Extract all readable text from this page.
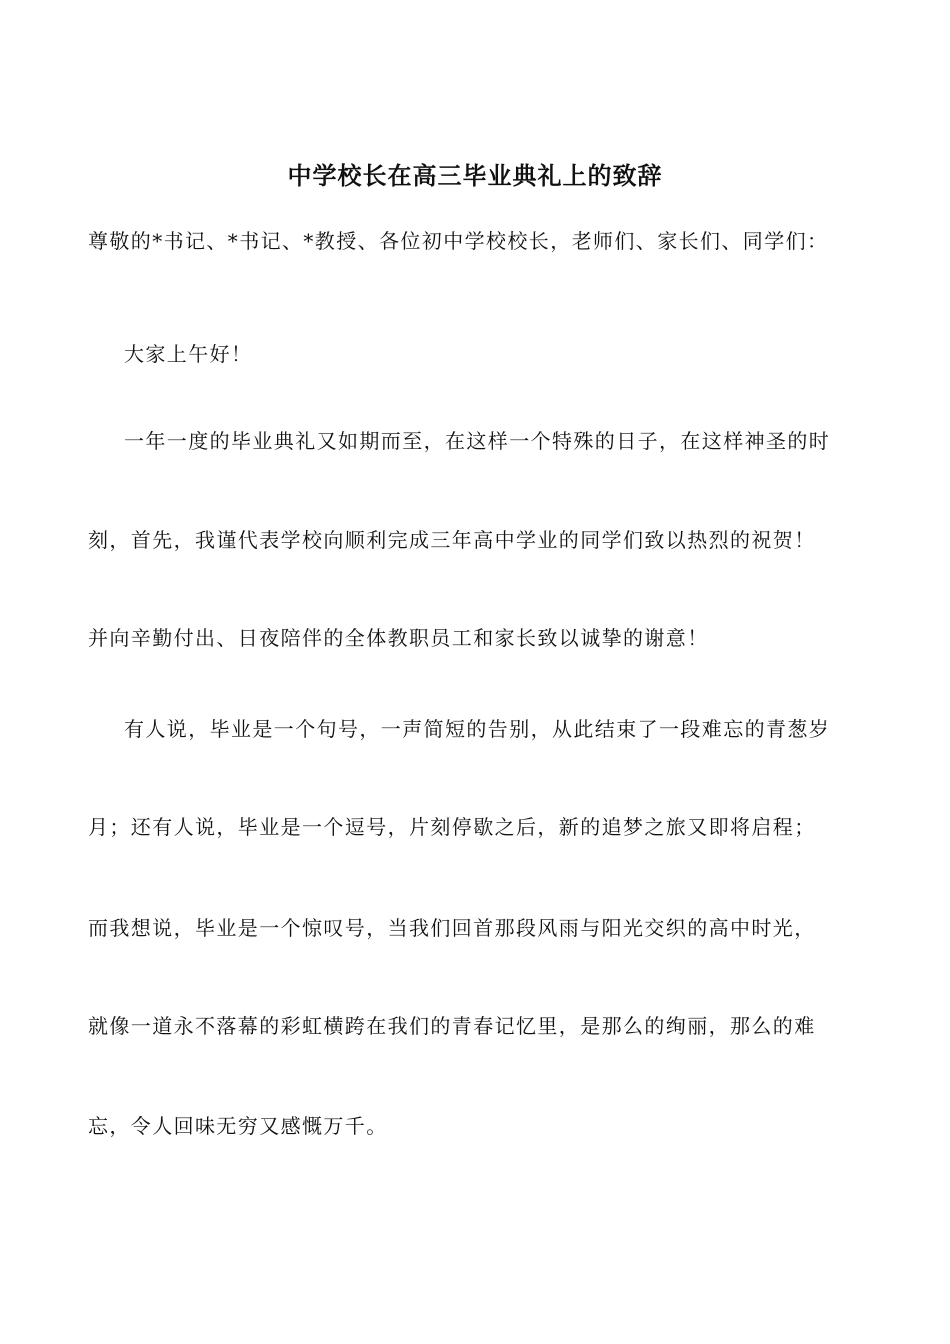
中学校长在高三毕业典礼上的致辞
尊敬的*书记、*书记、*教授、各位初中学校校长，老师们、家长们、同学们：
大家上午好！
一年一度的毕业典礼又如期而至，在这样一个特殊的日子，在这样神圣的时
刻，首先，我谨代表学校向顺利完成三年高中学业的同学们致以热烈的祝贺！
并向辛勤付出、日夜陪伴的全体教职员工和家长致以诚挚的谢意！
有人说，毕业是一个句号，一声简短的告别，从此结束了一段难忘的青葱岁
月；还有人说，毕业是一个逗号，片刻停歇之后，新的追梦之旅又即将启程；
而我想说，毕业是一个惊叹号，当我们回首那段风雨与阳光交织的高中时光，
就像一道永不落幕的彩虹横跨在我们的青春记忆里，是那么的绚丽，那么的难
忘，令人回味无穷又感慨万千。
